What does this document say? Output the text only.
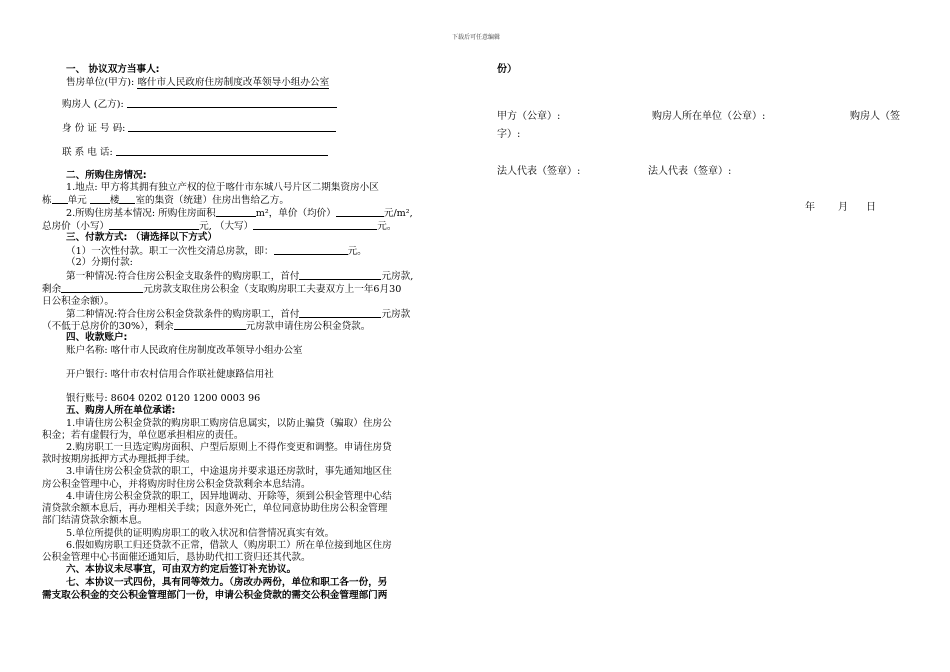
下载后可任意编辑
一、 协议双方当事人:
售房单位(甲方): 喀什市人民政府住房制度改革领导小组办公室
购房人 (乙方):
身 份 证 号 码:
联 系 电 话:
二、所购住房情况:
1.地点: 甲方将其拥有独立产权的位于喀什市东城八号片区二期集资房小区
栋 单元 楼 室的集资（统建）住房出售给乙方。
2.所购住房基本情况: 所购住房面积	m²，单价（均价）	元/m²,
总房价（小写）	元, （大写）	元。
三、付款方式: （请选择以下方式）
（1）一次性付款。职工一次性交清总房款，即：	元。
（2）分期付款:
第一种情况:符合住房公积金支取条件的购房职工，首付	元房款,
剩余	元房款支取住房公积金（支取购房职工夫妻双方上一年6月30
日公积金余额）。
第二种情况:符合住房公积金贷款条件的购房职工，首付	元房款
（不低于总房价的30%），剩余	元房款申请住房公积金贷款。
四、收款账户:
账户名称: 喀什市人民政府住房制度改革领导小组办公室
开户银行: 喀什市农村信用合作联社健康路信用社
银行账号: 8604 0202 0120 1200 0003 96
五、购房人所在单位承诺:
1.申请住房公积金贷款的购房职工购房信息属实，以防止骗贷（骗取）住房公
积金；若有虚假行为，单位愿承担相应的责任。
2.购房职工一旦选定购房面积、户型后原则上不得作变更和调整。申请住房贷
款时按期房抵押方式办理抵押手续。
3.申请住房公积金贷款的职工，中途退房并要求退还房款时，事先通知地区住
房公积金管理中心，并将购房时住房公积金贷款剩余本息结清。
4.申请住房公积金贷款的职工，因异地调动、开除等，须到公积金管理中心结
清贷款余额本息后，再办理相关手续；因意外死亡，单位同意协助住房公积金管理
部门结清贷款余额本息。
5.单位所提供的证明购房职工的收入状况和信誉情况真实有效。
6.假如购房职工归还贷款不正常，借款人（购房职工）所在单位接到地区住房
公积金管理中心书面催还通知后，恳协助代扣工资归还其代款。
六、本协议未尽事宜，可由双方约定后签订补充协议。
七、本协议一式四份，具有同等效力。（房改办两份，单位和职工各一份，另
需支取公积金的交公积金管理部门一份，申请公积金贷款的需交公积金管理部门两
份）
甲方（公章）:	购房人所在单位（公章）:	购房人（签
字）:
法人代表（签章）:	法人代表（签章）:
年 月 日
